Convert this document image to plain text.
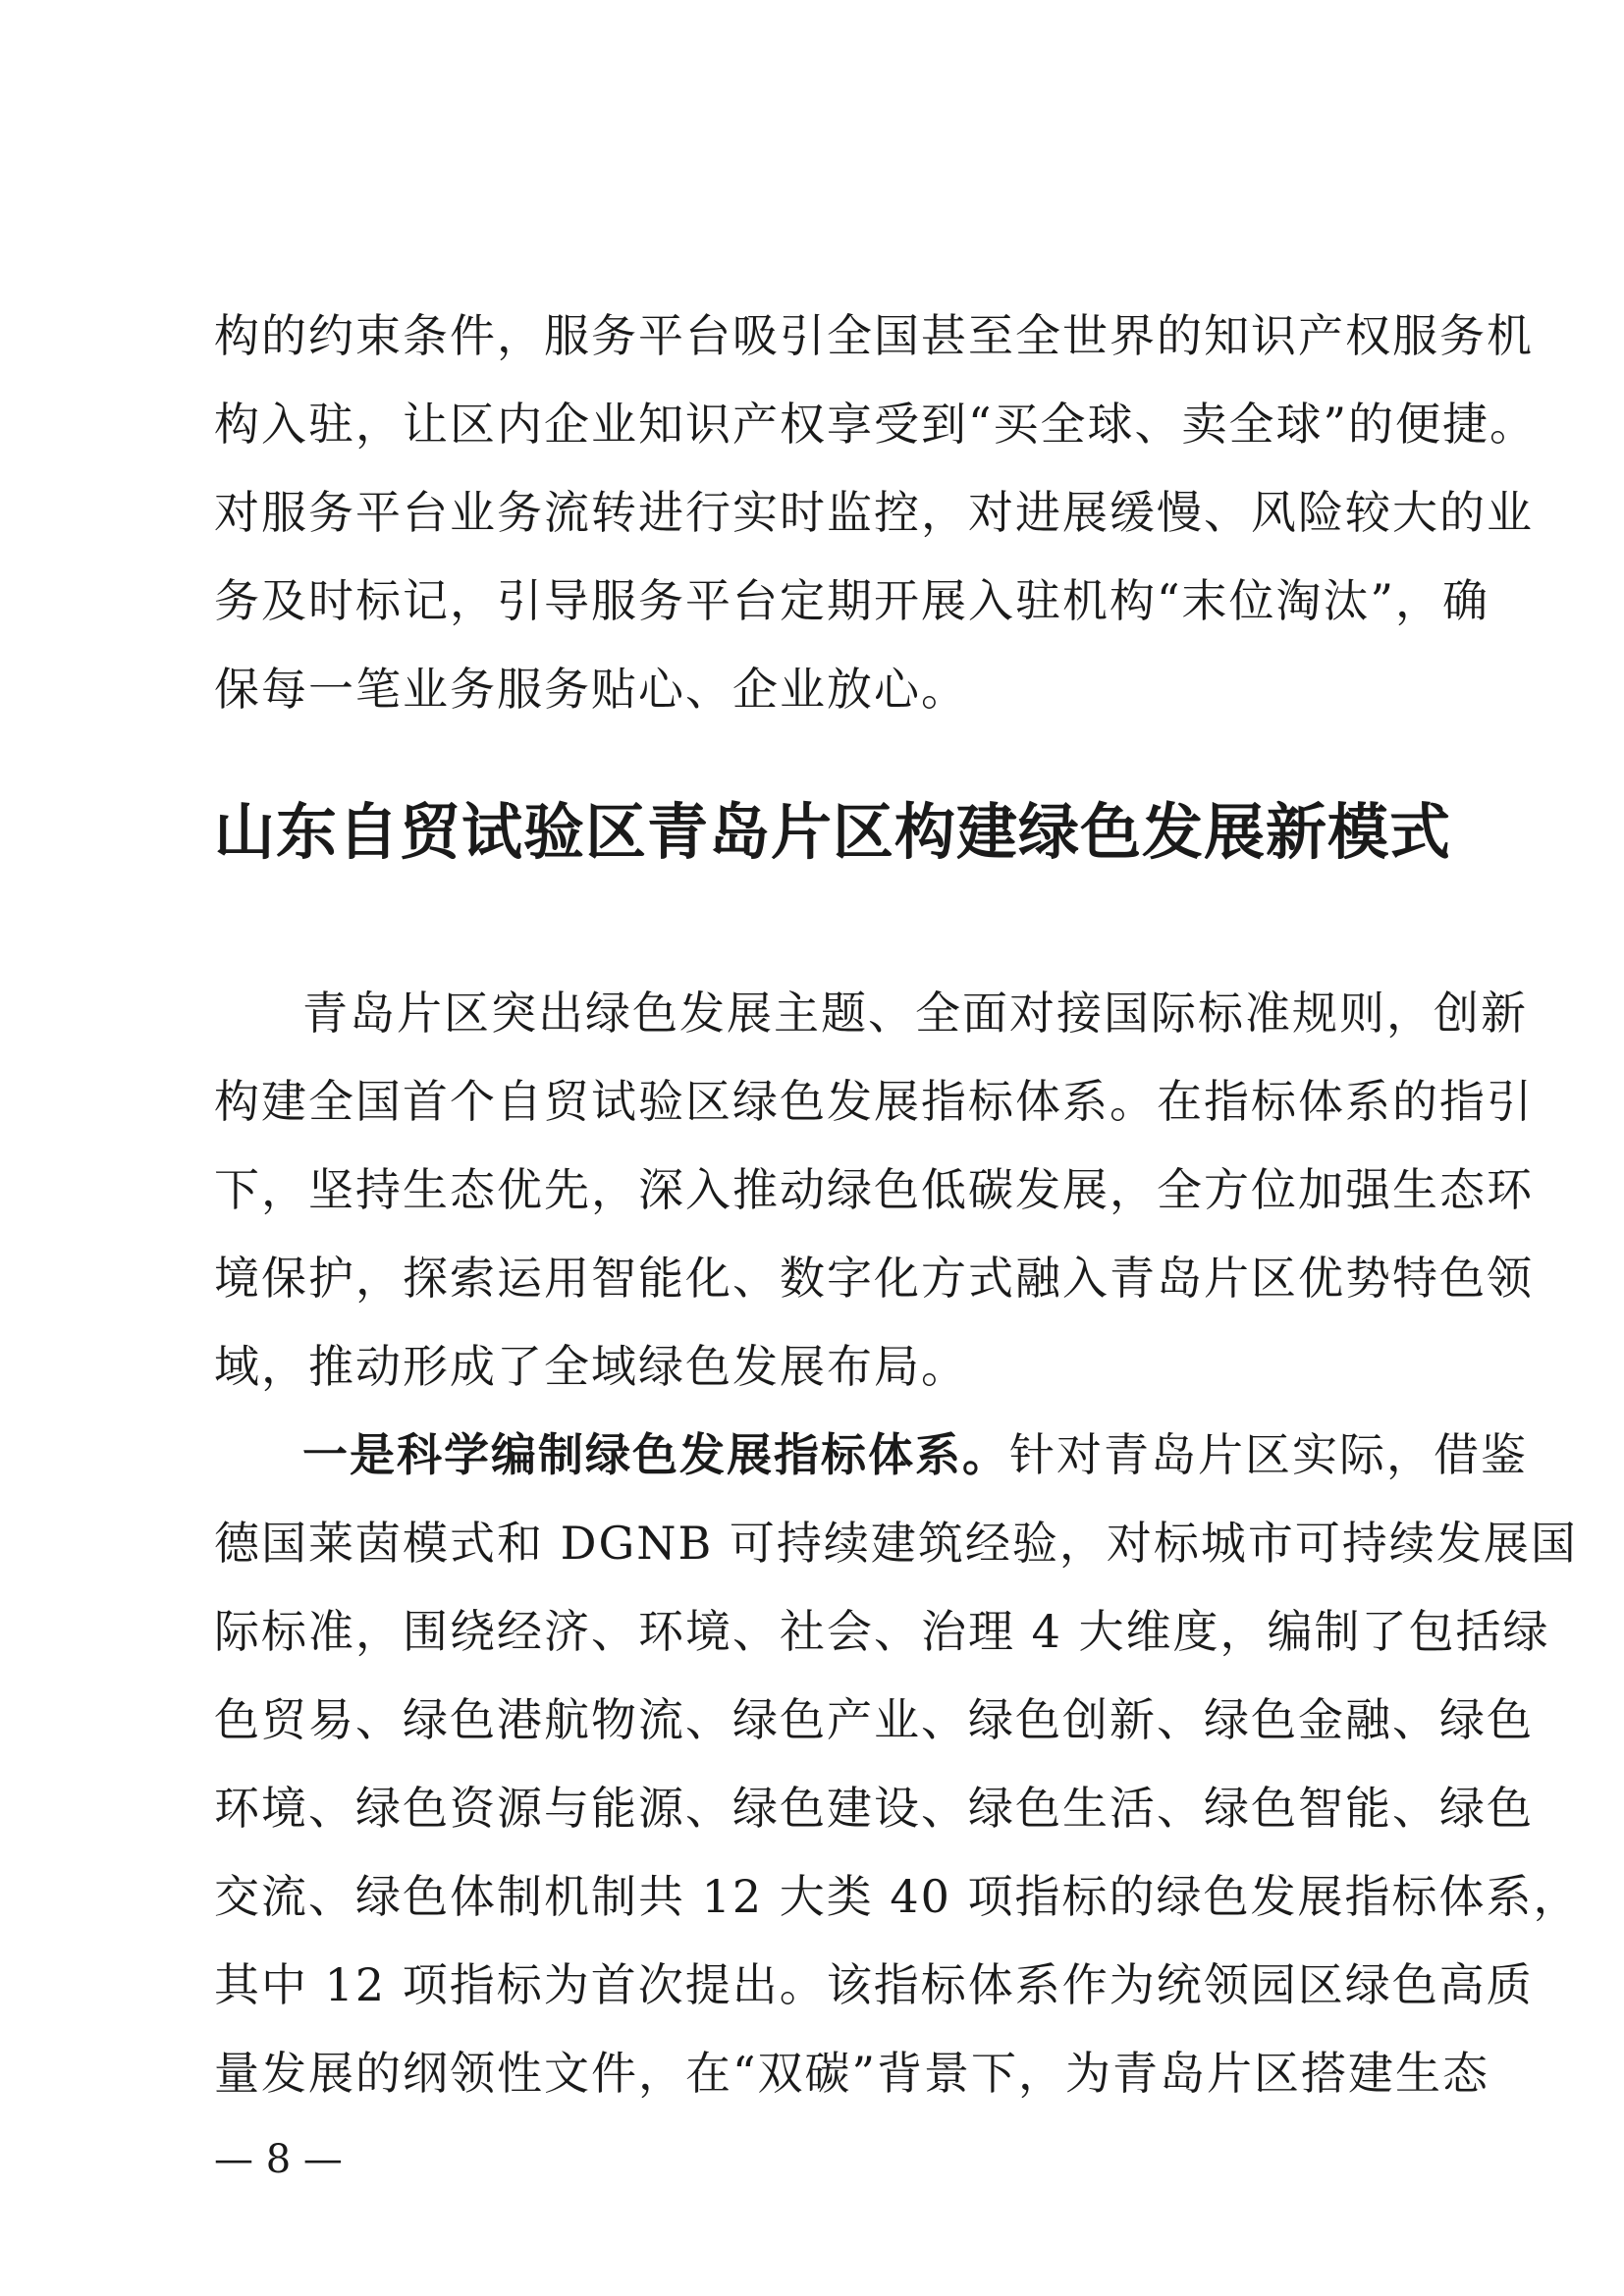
构的约束条件，服务平台吸引全国甚至全世界的知识产权服务机
构入驻，让区内企业知识产权享受到“买全球、卖全球”的便捷。
对服务平台业务流转进行实时监控，对进展缓慢、风险较大的业
务及时标记，引导服务平台定期开展入驻机构“末位淘汰”，确
保每一笔业务服务贴心、企业放心。
山东自贸试验区青岛片区构建绿色发展新模式
青岛片区突出绿色发展主题、全面对接国际标准规则，创新
构建全国首个自贸试验区绿色发展指标体系。在指标体系的指引
下，坚持生态优先，深入推动绿色低碳发展，全方位加强生态环
境保护，探索运用智能化、数字化方式融入青岛片区优势特色领
域，推动形成了全域绿色发展布局。
一是科学编制绿色发展指标体系。针对青岛片区实际，借鉴
德国莱茵模式和 DGNB 可持续建筑经验，对标城市可持续发展国
际标准，围绕经济、环境、社会、治理 4 大维度，编制了包括绿
色贸易、绿色港航物流、绿色产业、绿色创新、绿色金融、绿色
环境、绿色资源与能源、绿色建设、绿色生活、绿色智能、绿色
交流、绿色体制机制共 12 大类 40 项指标的绿色发展指标体系，
其中 12 项指标为首次提出。该指标体系作为统领园区绿色高质
量发展的纲领性文件，在“双碳”背景下，为青岛片区搭建生态
— 8 —
